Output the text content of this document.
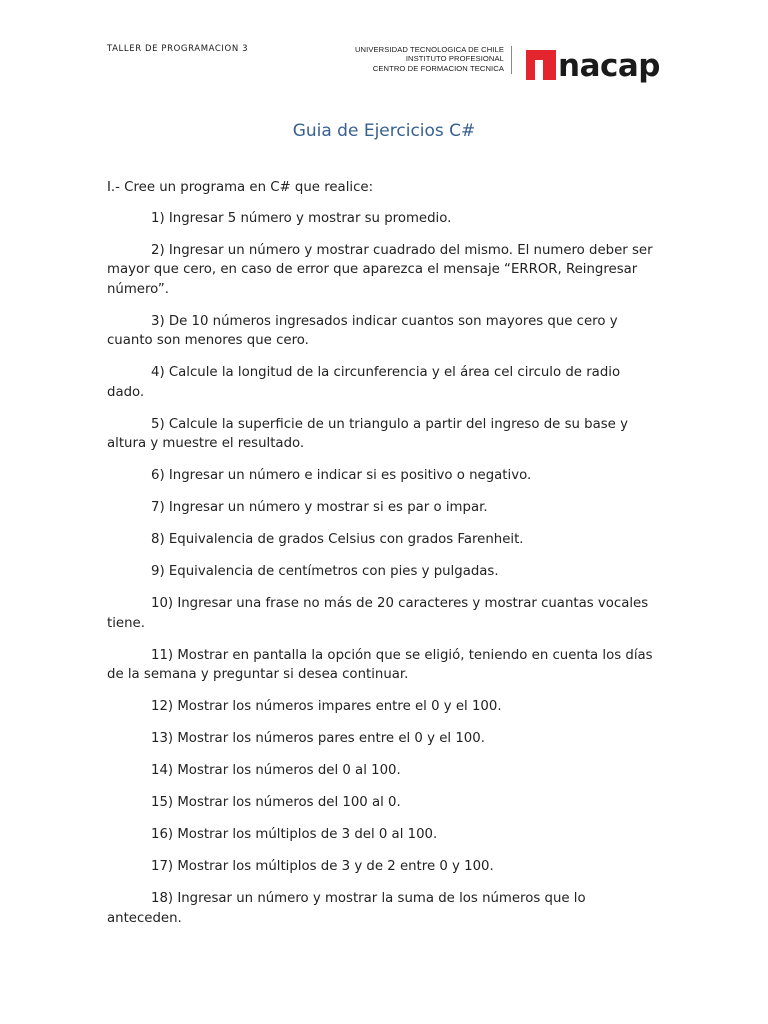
TALLER DE PROGRAMACION 3	UNIVERSIDAD TECNOLOGICA DE CHILE
INSTITUTO PROFESIONAL
CENTRO DE FORMACION TECNICA nacap
Guia de Ejercicios C#

I.- Cree un programa en C# que realice:

1) Ingresar 5 número y mostrar su promedio.

2) Ingresar un número y mostrar cuadrado del mismo. El numero deber ser mayor que cero, en caso de error que aparezca el mensaje “ERROR, Reingresar número”.

3) De 10 números ingresados indicar cuantos son mayores que cero y cuanto son menores que cero.

4) Calcule la longitud de la circunferencia y el área cel circulo de radio dado.

5) Calcule la superficie de un triangulo a partir del ingreso de su base y altura y muestre el resultado.

6) Ingresar un número e indicar si es positivo o negativo.

7) Ingresar un número y mostrar si es par o impar.

8) Equivalencia de grados Celsius con grados Farenheit.

9) Equivalencia de centímetros con pies y pulgadas.

10) Ingresar una frase no más de 20 caracteres y mostrar cuantas vocales tiene.

11) Mostrar en pantalla la opción que se eligió, teniendo en cuenta los días de la semana y preguntar si desea continuar.

12) Mostrar los números impares entre el 0 y el 100.

13) Mostrar los números pares entre el 0 y el 100.

14) Mostrar los números del 0 al 100.

15) Mostrar los números del 100 al 0.

16) Mostrar los múltiplos de 3 del 0 al 100.

17) Mostrar los múltiplos de 3 y de 2 entre 0 y 100.

18) Ingresar un número y mostrar la suma de los números que lo anteceden.
